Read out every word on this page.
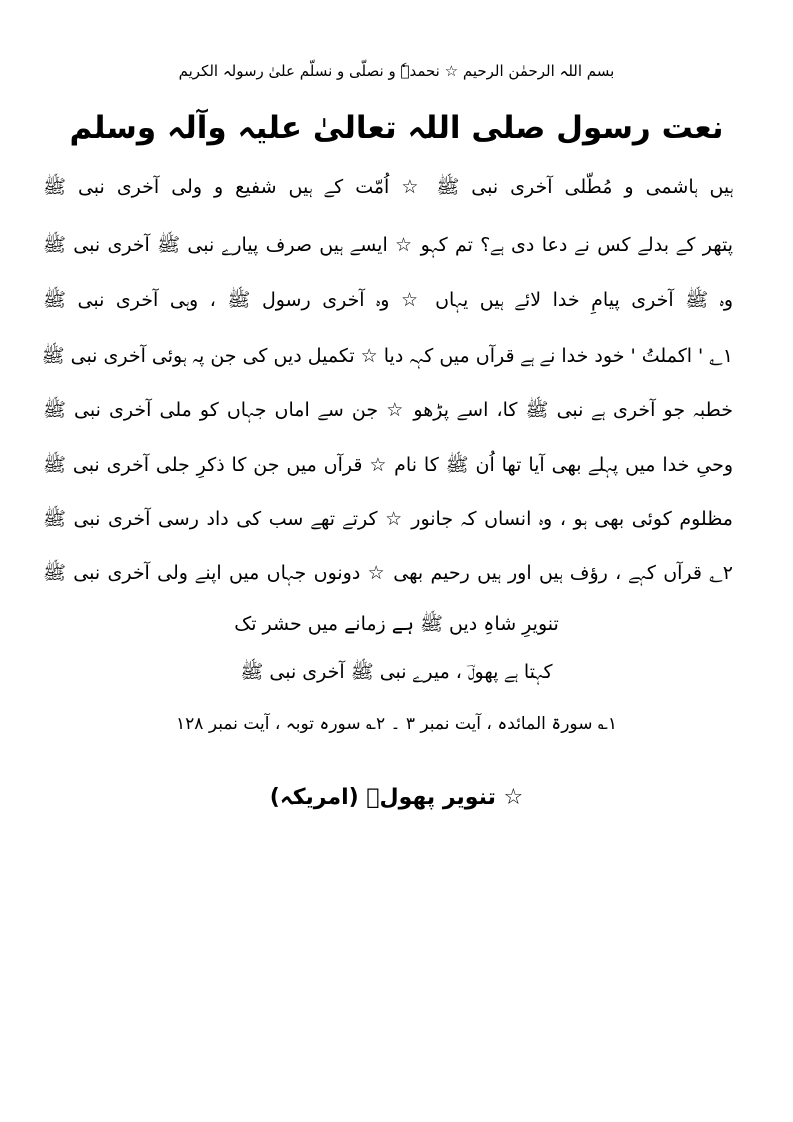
بسم اللہ الرحمٰن الرحیم ☆ نحمدہٗ و نصلّی و نسلّم علیٰ رسولہ الکریم
نعت رسول صلی اللہ تعالیٰ علیہ وآلہ وسلم
ہیں ہاشمی و مُطّلی آخری نبی ﷺ ☆ اُمّت کے ہیں شفیع و ولی آخری نبی ﷺ
پتھر کے بدلے کس نے دعا دی ہے؟ تم کہو ☆ ایسے ہیں صرف پیارے نبی ﷺ آخری نبی ﷺ
وہ ﷺ آخری پیامِ خدا لائے ہیں یہاں ☆ وہ آخری رسول ﷺ ، وہی آخری نبی ﷺ
۱؎ ' اکملتُ ' خود خدا نے ہے قرآں میں کہہ دیا ☆ تکمیل دیں کی جن پہ ہوئی آخری نبی ﷺ
خطبہ جو آخری ہے نبی ﷺ کا، اسے پڑھو ☆ جن سے اماں جہاں کو ملی آخری نبی ﷺ
وحیِ خدا میں پہلے بھی آیا تھا اُن ﷺ کا نام ☆ قرآں میں جن کا ذکرِ جلی آخری نبی ﷺ
مظلوم کوئی بھی ہو ، وہ انساں کہ جانور ☆ کرتے تھے سب کی داد رسی آخری نبی ﷺ
۲؎ قرآں کہے ، رؤف ہیں اور ہیں رحیم بھی ☆ دونوں جہاں میں اپنے ولی آخری نبی ﷺ
تنویرِ شاہِ دیں ﷺ ہے زمانے میں حشر تک
کہتا ہے پھولؔ ، میرے نبی ﷺ آخری نبی ﷺ
۱؎ سورۃ المائدہ ، آیت نمبر ۳ ۔ ۲؎ سورہ توبہ ، آیت نمبر ۱۲۸
☆ تنویر پھولؔ (امریکہ)
